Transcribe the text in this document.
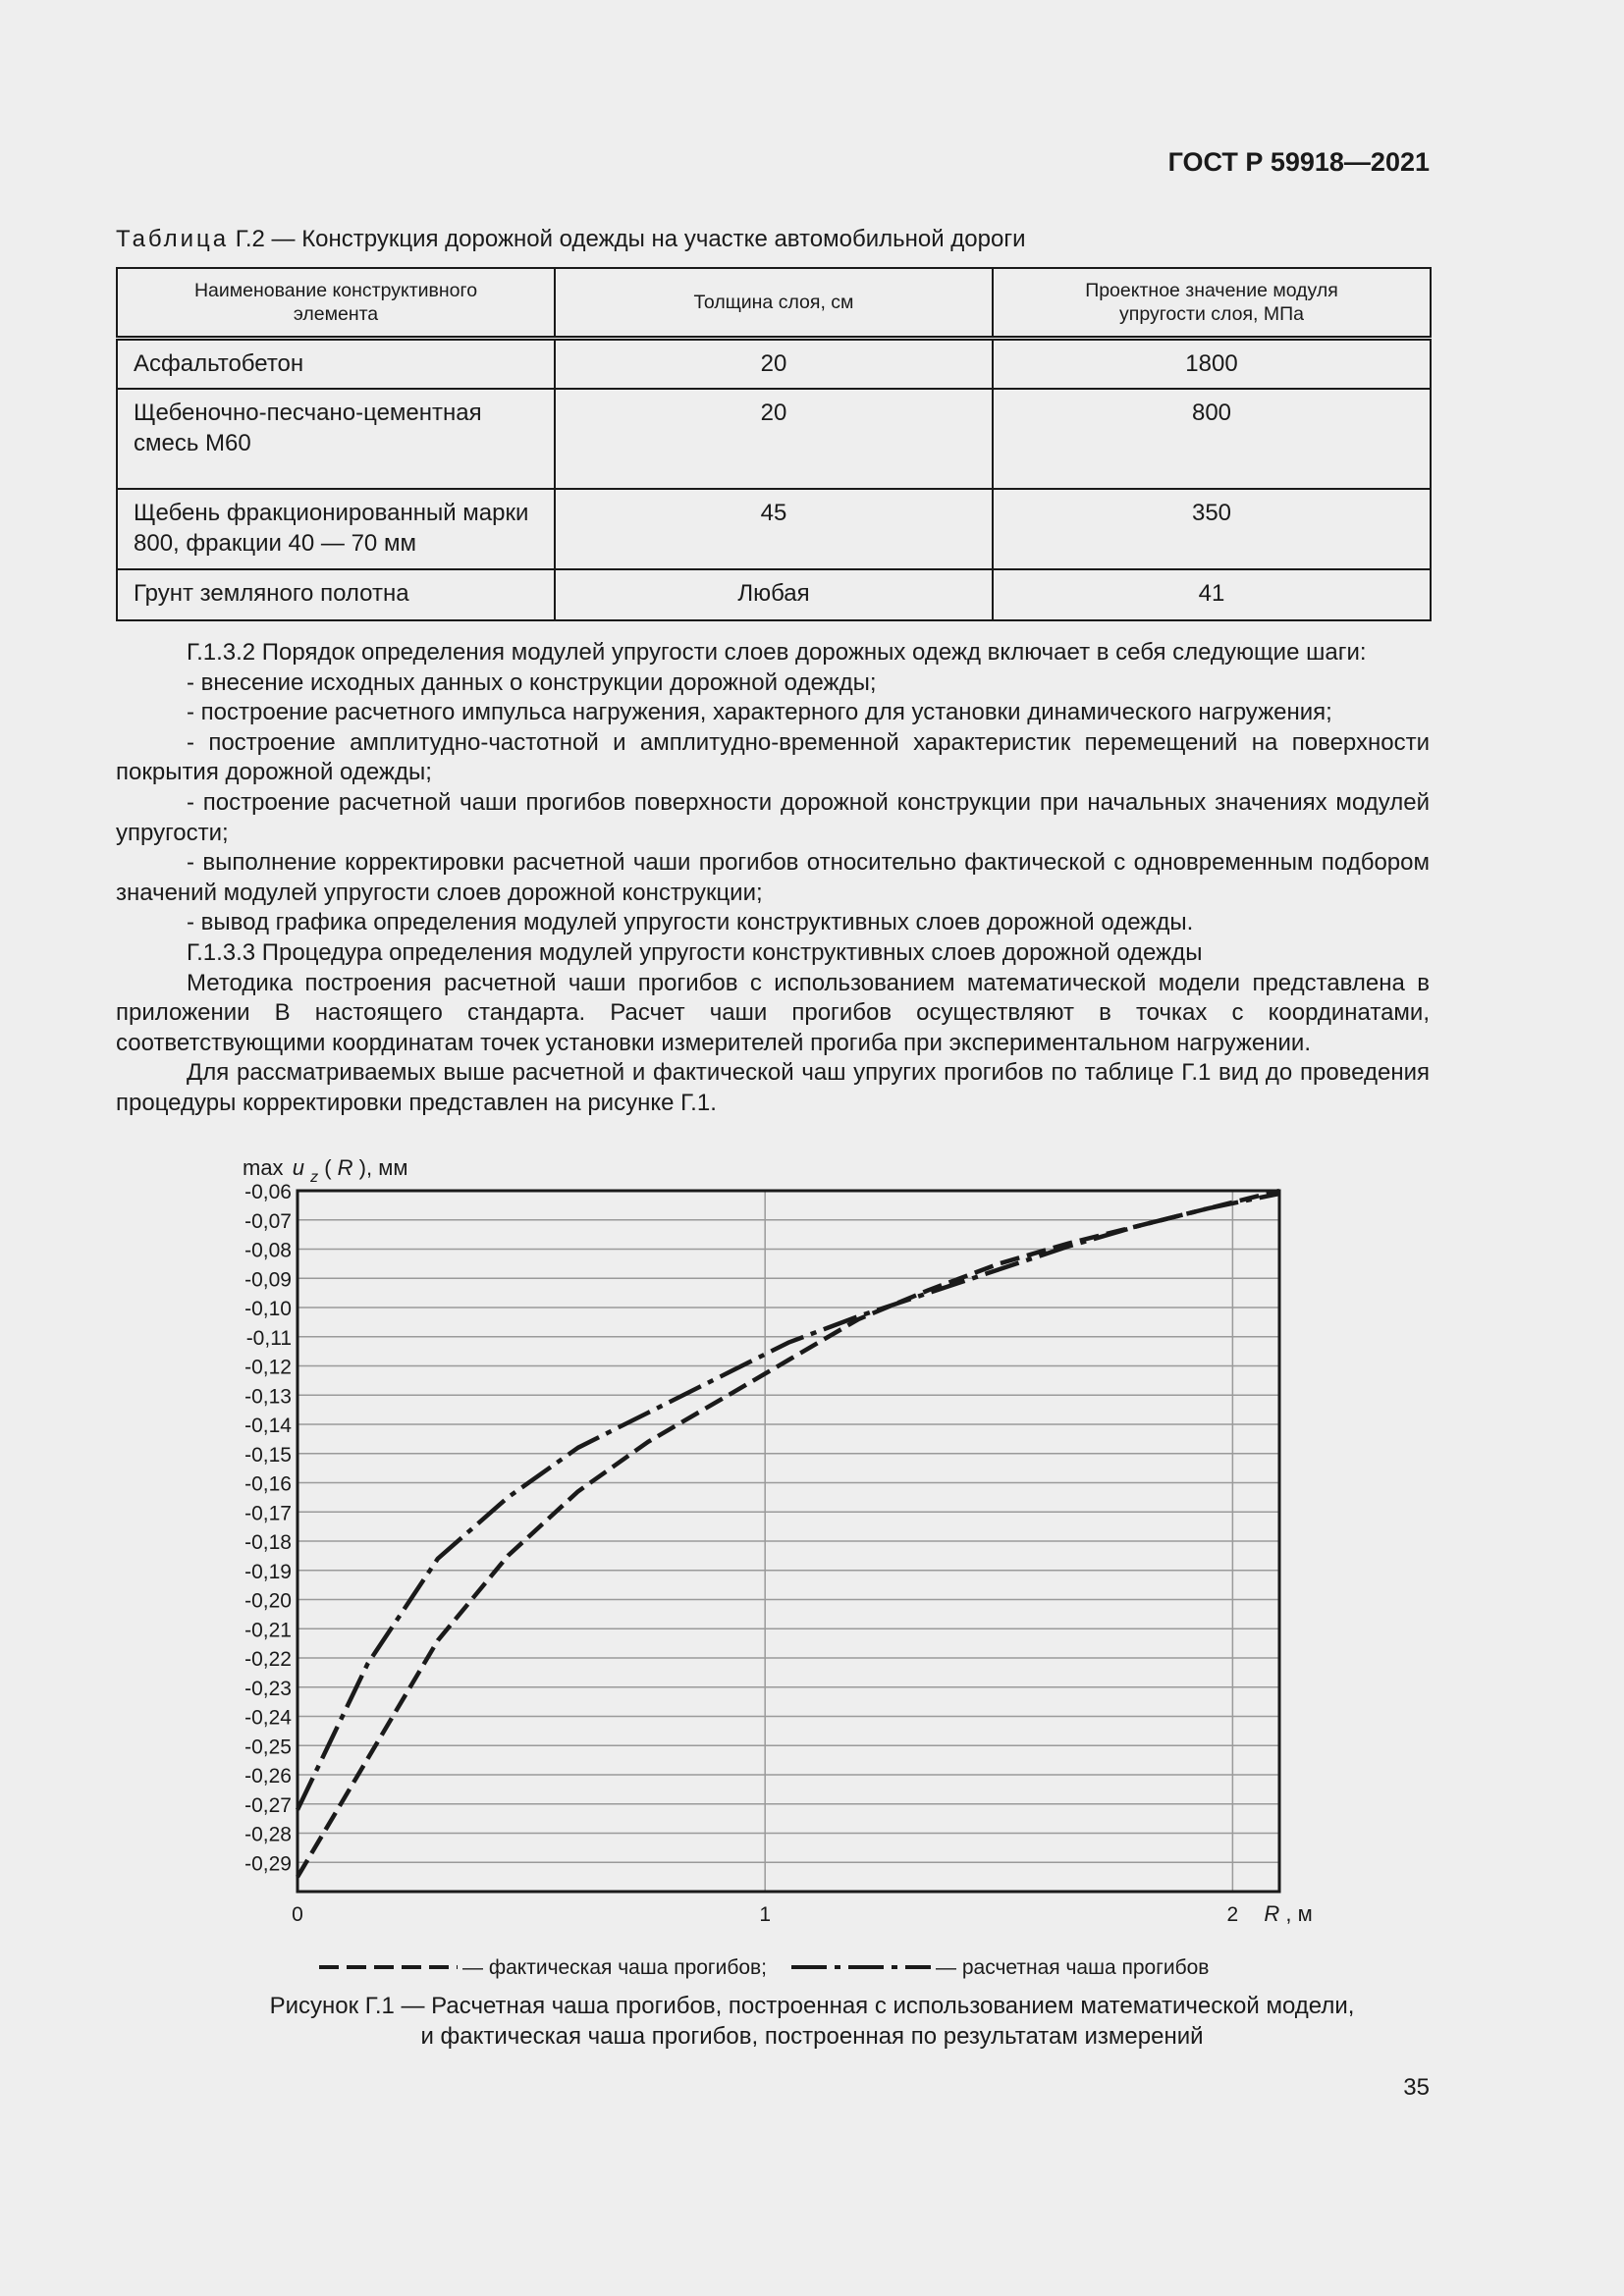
ГОСТ Р 59918—2021
Таблица Г.2 — Конструкция дорожной одежды на участке автомобильной дороги
Наименование конструктивного элемента	Толщина слоя, см	Проектное значение модуля упругости слоя, МПа

Асфальтобетон	20	1800
Щебеночно-песчано-цементная смесь М60	20	800
Щебень фракционированный марки 800, фракции 40 — 70 мм	45	350
Грунт земляного полотна	Любая	41

Г.1.3.2 Порядок определения модулей упругости слоев дорожных одежд включает в себя следующие шаги:

- внесение исходных данных о конструкции дорожной одежды;

- построение расчетного импульса нагружения, характерного для установки динамического нагружения;

- построение амплитудно-частотной и амплитудно-временной характеристик перемещений на поверхности покрытия дорожной одежды;

- построение расчетной чаши прогибов поверхности дорожной конструкции при начальных значениях модулей упругости;

- выполнение корректировки расчетной чаши прогибов относительно фактической с одновременным подбором значений модулей упругости слоев дорожной конструкции;

- вывод графика определения модулей упругости конструктивных слоев дорожной одежды.

Г.1.3.3 Процедура определения модулей упругости конструктивных слоев дорожной одежды

Методика построения расчетной чаши прогибов с использованием математической модели представлена в приложении В настоящего стандарта. Расчет чаши прогибов осуществляют в точках с координатами, соответствующими координатам точек установки измерителей прогиба при экспериментальном нагружении.

Для рассматриваемых выше расчетной и фактической чаш упругих прогибов по таблице Г.1 вид до проведения процедуры корректировки представлен на рисунке Г.1.

-0,06
-0,07
-0,08
-0,09
-0,10
-0,11
-0,12
-0,13
-0,14
-0,15
-0,16
-0,17
-0,18
-0,19
-0,20
-0,21
-0,22
-0,23
-0,24
-0,25
-0,26
-0,27
-0,28
-0,29
0	1	2
max u $_z$ ( R ), мм
R , м
— фактическая чаша прогибов;	— расчетная чаша прогибов
Рисунок Г.1 — Расчетная чаша прогибов, построенная с использованием математической модели,
и фактическая чаша прогибов, построенная по результатам измерений
35
